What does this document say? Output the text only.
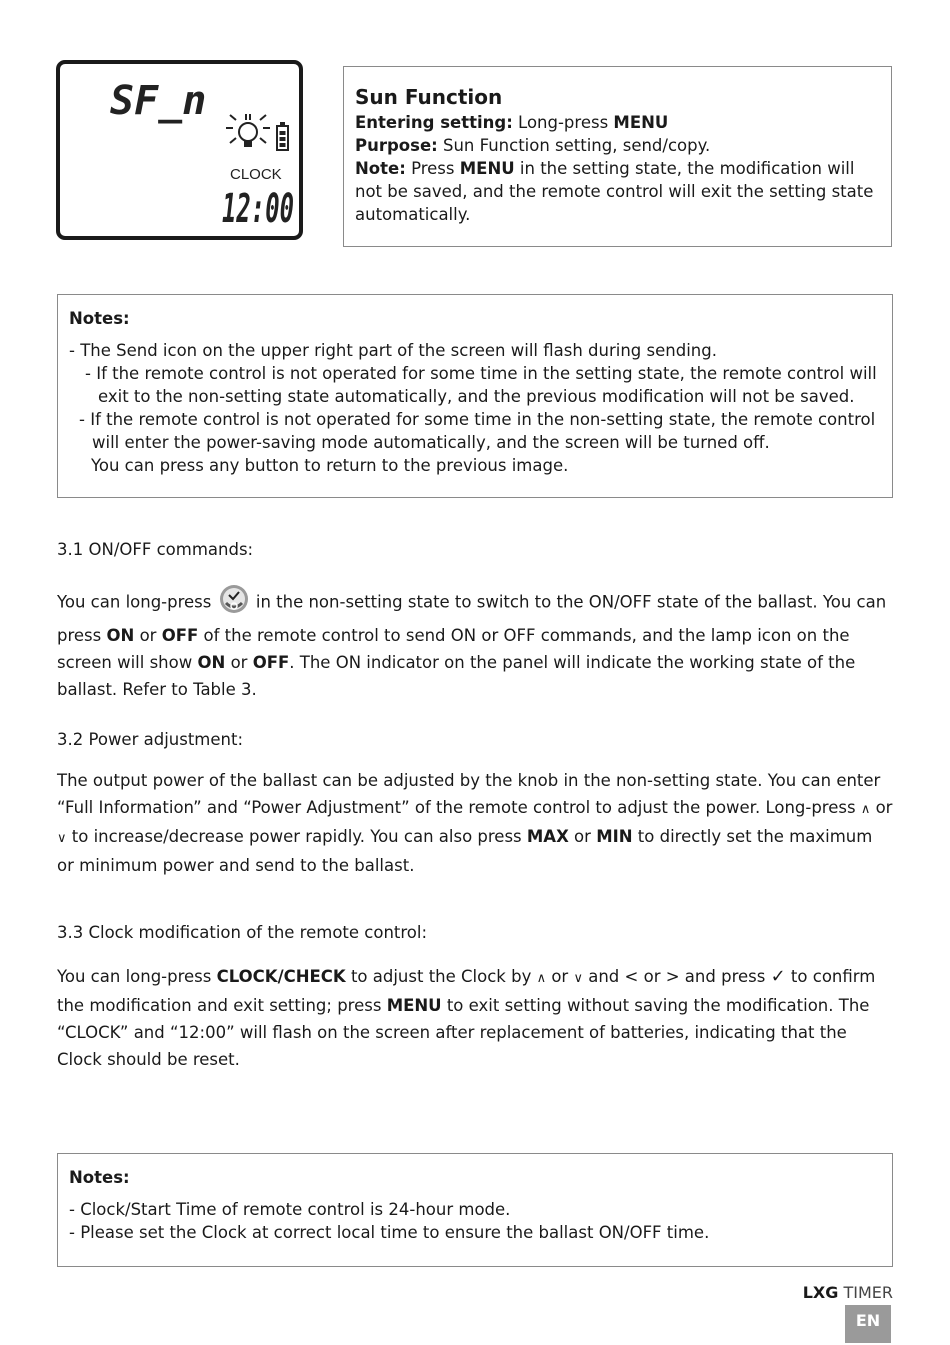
SF_n
CLOCK
12:00
Sun Function
Entering setting: Long-press MENU
Purpose: Sun Function setting, send/copy.
Note: Press MENU in the setting state, the modification will not be saved, and the remote control will exit the setting state automatically.
Notes:
- The Send icon on the upper right part of the screen will flash during sending.
- If the remote control is not operated for some time in the setting state, the remote control will exit to the non-setting state automatically, and the previous modification will not be saved.
- If the remote control is not operated for some time in the non-setting state, the remote control will enter the power-saving mode automatically, and the screen will be turned off.
You can press any button to return to the previous image.
3.1 ON/OFF commands:
You can long-press  in the non-setting state to switch to the ON/OFF state of the ballast. You can press ON or OFF of the remote control to send ON or OFF commands, and the lamp icon on the screen will show ON or OFF. The ON indicator on the panel will indicate the working state of the ballast. Refer to Table 3.
3.2 Power adjustment:
The output power of the ballast can be adjusted by the knob in the non-setting state. You can enter “Full Information” and “Power Adjustment” of the remote control to adjust the power. Long-press ∧ or ∨ to increase/decrease power rapidly. You can also press MAX or MIN to directly set the maximum or minimum power and send to the ballast.
3.3 Clock modification of the remote control:
You can long-press CLOCK/CHECK to adjust the Clock by ∧ or ∨ and < or > and press ✓ to confirm the modification and exit setting; press MENU to exit setting without saving the modification. The “CLOCK” and “12:00” will flash on the screen after replacement of batteries, indicating that the Clock should be reset.
Notes:
- Clock/Start Time of remote control is 24-hour mode.
- Please set the Clock at correct local time to ensure the ballast ON/OFF time.
LXG TIMER
EN
